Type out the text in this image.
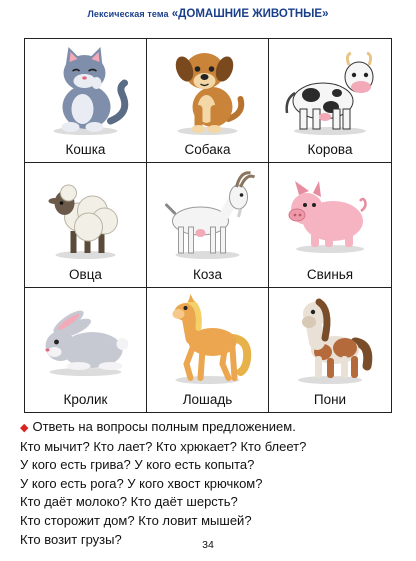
Лексическая тема «ДОМАШНИЕ ЖИВОТНЫЕ»
Кошка	Собака	Корова
Овца	Коза	Свинья
Кролик	Лошадь	Пони
◆ Ответь на вопросы полным предложением.
Кто мычит? Кто лает? Кто хрюкает? Кто блеет?
У кого есть грива? У кого есть копыта?
У кого есть рога? У кого хвост крючком?
Кто даёт молоко? Кто даёт шерсть?
Кто сторожит дом? Кто ловит мышей?
Кто возит грузы?	34
